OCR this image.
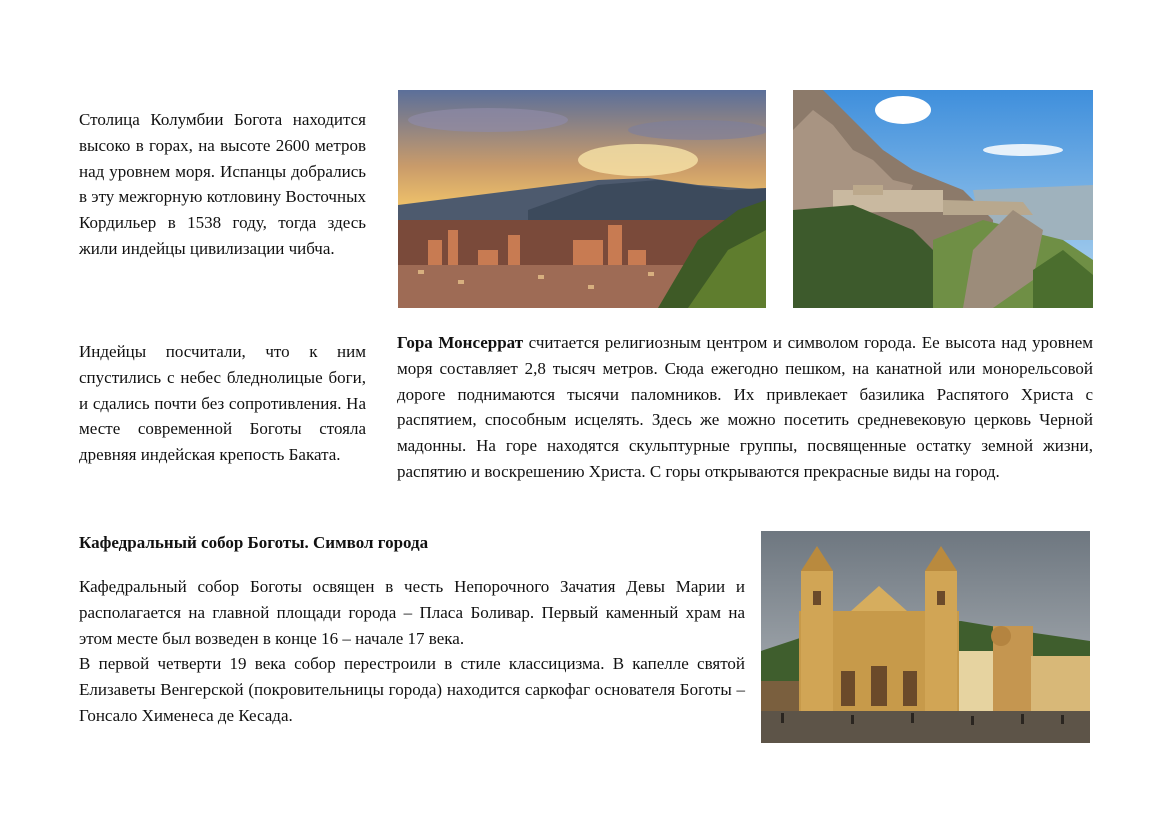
Столица Колумбии Богота находится высоко в горах, на высоте 2600 метров над уровнем моря. Испанцы добрались в эту межгорную котловину Восточных Кордильер в 1538 году, тогда здесь жили индейцы цивилизации чибча.

Индейцы посчитали, что к ним спустились с небес бледнолицые боги, и сдались почти без сопротивления. На месте современной Боготы стояла древняя индейская крепость Баката.

Гора Монсеррат считается религиозным центром и символом города. Ее высота над уровнем моря составляет 2,8 тысяч метров. Сюда ежегодно пешком, на канатной или монорельсовой дороге поднимаются тысячи паломников. Их привлекает базилика Распятого Христа с распятием, способным исцелять. Здесь же можно посетить средневековую церковь Черной мадонны. На горе находятся скульптурные группы, посвященные остатку земной жизни, распятию и воскрешению Христа. С горы открываются прекрасные виды на город.

Кафедральный собор Боготы. Символ города

Кафедральный собор Боготы освящен в честь Непорочного Зачатия Девы Марии и располагается на главной площади города – Пласа Боливар. Первый каменный храм на этом месте был возведен в конце 16 – начале 17 века.

В первой четверти 19 века собор перестроили в стиле классицизма. В капелле святой Елизаветы Венгерской (покровительницы города) находится саркофаг основателя Боготы – Гонсало Хименеса де Кесада.
